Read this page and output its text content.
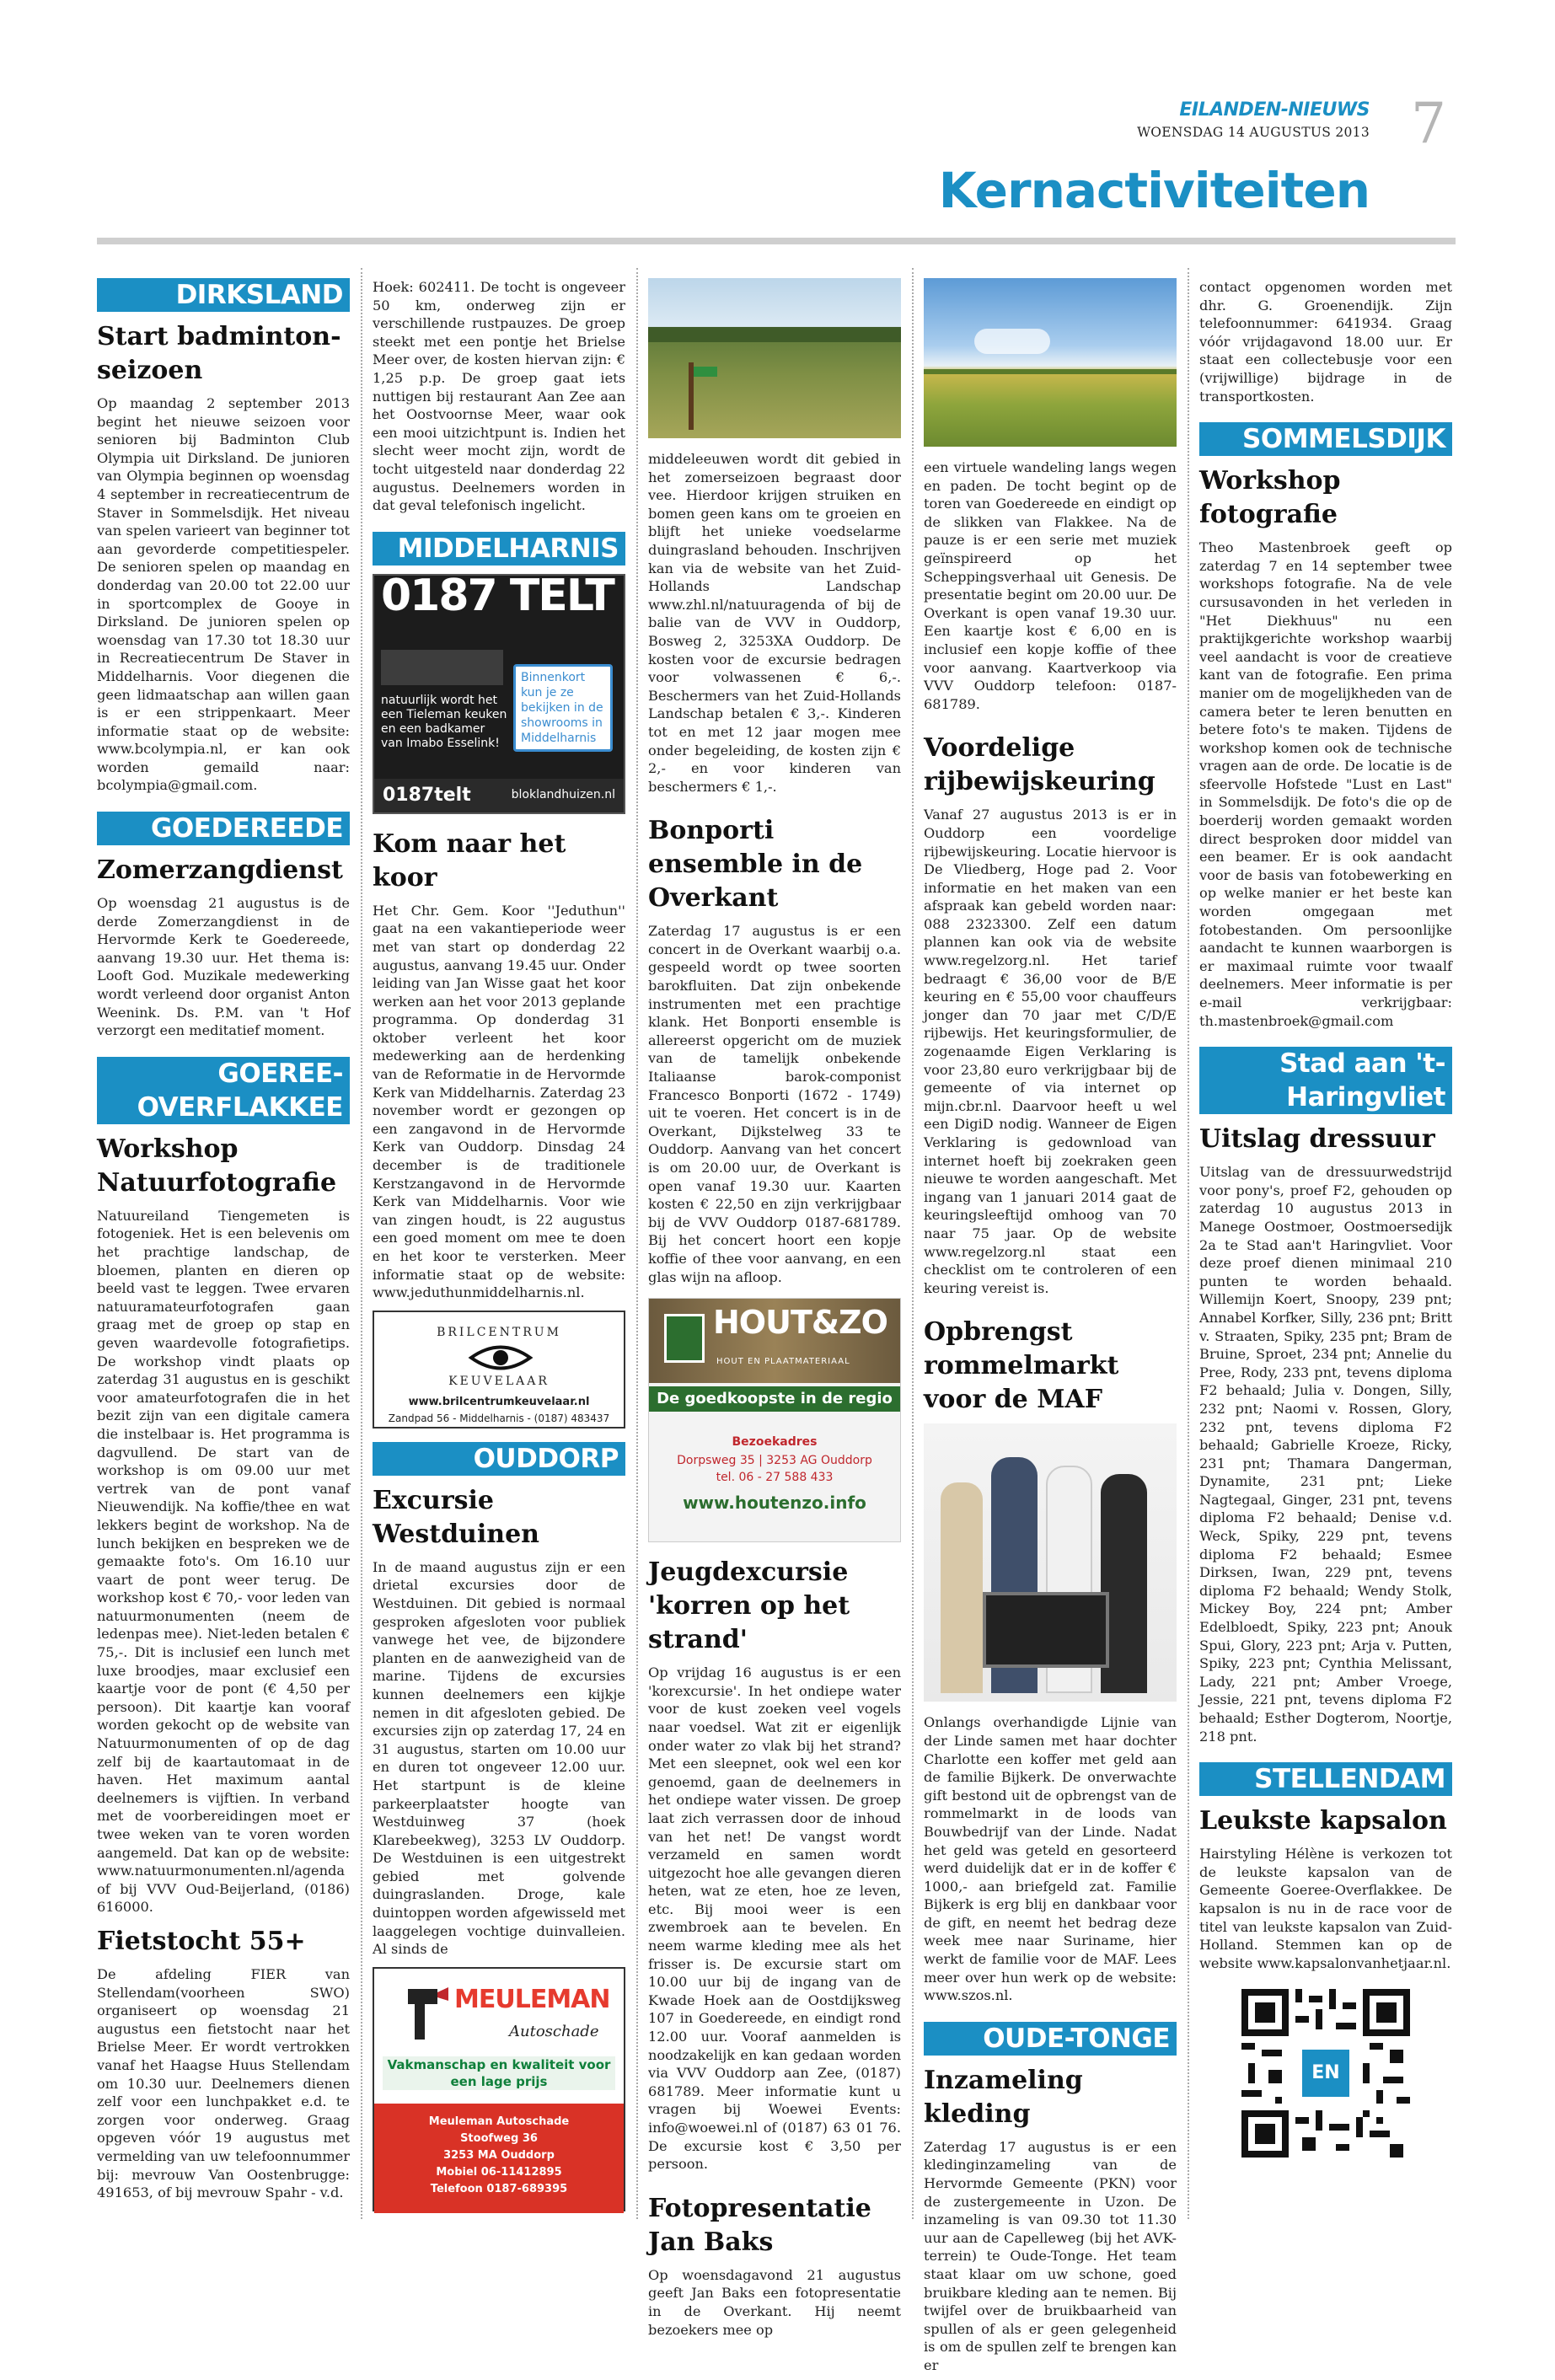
EILANDEN-NIEUWS
WOENSDAG 14 AUGUSTUS 2013 7
Kernactiviteiten
DIRKSLAND
Start badminton-seizoen
Op maandag 2 september 2013 begint het nieuwe seizoen voor senioren bij Badminton Club Olympia uit Dirksland. De junioren van Olympia beginnen op woensdag 4 september in recreatiecentrum de Staver in Sommelsdijk. Het niveau van spelen varieert van beginner tot aan gevorderde competitiespeler. De senioren spelen op maandag en donderdag van 20.00 tot 22.00 uur in sportcomplex de Gooye in Dirksland. De junioren spelen op woensdag van 17.30 tot 18.30 uur in Recreatiecentrum De Staver in Middelharnis. Voor diegenen die geen lidmaatschap aan willen gaan is er een strippenkaart. Meer informatie staat op de website: www.bcolympia.nl, er kan ook worden gemaild naar: bcolympia@gmail.com.
GOEDEREEDE
Zomerzangdienst
Op woensdag 21 augustus is de derde Zomerzangdienst in de Hervormde Kerk te Goedereede, aanvang 19.30 uur. Het thema is: Looft God. Muzikale medewerking wordt verleend door organist Anton Weenink. Ds. P.M. van 't Hof verzorgt een meditatief moment.
GOEREE-OVERFLAKKEE
Workshop Natuurfotografie
Natuureiland Tiengemeten is fotogeniek. Het is een belevenis om het prachtige landschap, de bloemen, planten en dieren op beeld vast te leggen. Twee ervaren natuuramateurfotografen gaan graag met de groep op stap en geven waardevolle fotografietips. De workshop vindt plaats op zaterdag 31 augustus en is geschikt voor amateurfotografen die in het bezit zijn van een digitale camera die instelbaar is. Het programma is dagvullend. De start van de workshop is om 09.00 uur met vertrek van de pont vanaf Nieuwendijk. Na koffie/thee en wat lekkers begint de workshop. Na de lunch bekijken en bespreken we de gemaakte foto's. Om 16.10 uur vaart de pont weer terug. De workshop kost € 70,- voor leden van natuurmonumenten (neem de ledenpas mee). Niet-leden betalen € 75,-. Dit is inclusief een lunch met luxe broodjes, maar exclusief een kaartje voor de pont (€ 4,50 per persoon). Dit kaartje kan vooraf worden gekocht op de website van Natuurmonumenten of op de dag zelf bij de kaartautomaat in de haven. Het maximum aantal deelnemers is vijftien. In verband met de voorbereidingen moet er twee weken van te voren worden aangemeld. Dat kan op de website: www.natuurmonumenten.nl/agenda of bij VVV Oud-Beijerland, (0186) 616000.
Fietstocht 55+
De afdeling FIER van Stellendam(voorheen SWO) organiseert op woensdag 21 augustus een fietstocht naar het Brielse Meer. Er wordt vertrokken vanaf het Haagse Huus Stellendam om 10.30 uur. Deelnemers dienen zelf voor een lunchpakket e.d. te zorgen voor onderweg. Graag opgeven vóór 19 augustus met vermelding van uw telefoonnummer bij: mevrouw Van Oostenbrugge: 491653, of bij mevrouw Spahr - v.d.
Hoek: 602411. De tocht is ongeveer 50 km, onderweg zijn er verschillende rustpauzes. De groep steekt met een pontje het Brielse Meer over, de kosten hiervan zijn: € 1,25 p.p. De groep gaat iets nuttigen bij restaurant Aan Zee aan het Oostvoornse Meer, waar ook een mooi uitzichtpunt is. Indien het slecht weer mocht zijn, wordt de tocht uitgesteld naar donderdag 22 augustus. Deelnemers worden in dat geval telefonisch ingelicht.
MIDDELHARNIS
0187 TELT
natuurlijk wordt het een Tieleman keuken en een badkamer van Imabo Esselink!
Binnenkort kun je ze bekijken in de showrooms in Middelharnis
0187telt	bloklandhuizen.nl
Kom naar het koor
Het Chr. Gem. Koor ''Jeduthun'' gaat na een vakantieperiode weer met van start op donderdag 22 augustus, aanvang 19.45 uur. Onder leiding van Jan Wisse gaat het koor werken aan het voor 2013 geplande programma. Op donderdag 31 oktober verleent het koor medewerking aan de herdenking van de Reformatie in de Hervormde Kerk van Middelharnis. Zaterdag 23 november wordt er gezongen op een zangavond in de Hervormde Kerk van Ouddorp. Dinsdag 24 december is de traditionele Kerstzangavond in de Hervormde Kerk van Middelharnis. Voor wie van zingen houdt, is 22 augustus een goed moment om mee te doen en het koor te versterken. Meer informatie staat op de website: www.jeduthunmiddelharnis.nl.
BRILCENTRUM
KEUVELAAR
www.brilcentrumkeuvelaar.nl
Zandpad 56 - Middelharnis - (0187) 483437
OUDDORP
Excursie Westduinen
In de maand augustus zijn er een drietal excursies door de Westduinen. Dit gebied is normaal gesproken afgesloten voor publiek vanwege het vee, de bijzondere planten en de aanwezigheid van de marine. Tijdens de excursies kunnen deelnemers een kijkje nemen in dit afgesloten gebied. De excursies zijn op zaterdag 17, 24 en 31 augustus, starten om 10.00 uur en duren tot ongeveer 12.00 uur. Het startpunt is de kleine parkeerplaatster hoogte van Westduinweg 37 (hoek Klarebeekweg), 3253 LV Ouddorp. De Westduinen is een uitgestrekt gebied met golvende duingraslanden. Droge, kale duintoppen worden afgewisseld met laaggelegen vochtige duinvalleien. Al sinds de
MEULEMAN
Autoschade
Vakmanschap en kwaliteit voor een lage prijs
Meuleman Autoschade
Stoofweg 36
3253 MA Ouddorp
Mobiel 06-11412895
Telefoon 0187-689395
middeleeuwen wordt dit gebied in het zomerseizoen begraast door vee. Hierdoor krijgen struiken en bomen geen kans om te groeien en blijft het unieke voedselarme duingrasland behouden. Inschrijven kan via de website van het Zuid-Hollands Landschap www.zhl.nl/natuuragenda of bij de balie van de VVV in Ouddorp, Bosweg 2, 3253XA Ouddorp. De kosten voor de excursie bedragen voor volwassenen € 6,-. Beschermers van het Zuid-Hollands Landschap betalen € 3,-. Kinderen tot en met 12 jaar mogen mee onder begeleiding, de kosten zijn € 2,- en voor kinderen van beschermers € 1,-.
Bonporti ensemble in de Overkant
Zaterdag 17 augustus is er een concert in de Overkant waarbij o.a. gespeeld wordt op twee soorten barokfluiten. Dat zijn onbekende instrumenten met een prachtige klank. Het Bonporti ensemble is allereerst opgericht om de muziek van de tamelijk onbekende Italiaanse barok-componist Francesco Bonporti (1672 - 1749) uit te voeren. Het concert is in de Overkant, Dijkstelweg 33 te Ouddorp. Aanvang van het concert is om 20.00 uur, de Overkant is open vanaf 19.30 uur. Kaarten kosten € 22,50 en zijn verkrijgbaar bij de VVV Ouddorp 0187-681789. Bij het concert hoort een kopje koffie of thee voor aanvang, en een glas wijn na afloop.
HOUT&ZO
HOUT EN PLAATMATERIAAL
De goedkoopste in de regio
Bezoekadres
Dorpsweg 35 | 3253 AG Ouddorp
tel. 06 - 27 588 433
www.houtenzo.info
Jeugdexcursie 'korren op het strand'
Op vrijdag 16 augustus is er een 'korexcursie'. In het ondiepe water voor de kust zoeken veel vogels naar voedsel. Wat zit er eigenlijk onder water zo vlak bij het strand? Met een sleepnet, ook wel een kor genoemd, gaan de deelnemers in het ondiepe water vissen. De groep laat zich verrassen door de inhoud van het net! De vangst wordt verzameld en samen wordt uitgezocht hoe alle gevangen dieren heten, wat ze eten, hoe ze leven, etc. Bij mooi weer is een zwembroek aan te bevelen. En neem warme kleding mee als het frisser is. De excursie start om 10.00 uur bij de ingang van de Kwade Hoek aan de Oostdijksweg 107 in Goedereede, en eindigt rond 12.00 uur. Vooraf aanmelden is noodzakelijk en kan gedaan worden via VVV Ouddorp aan Zee, (0187) 681789. Meer informatie kunt u vragen bij Woewei Events: info@woewei.nl of (0187) 63 01 76. De excursie kost € 3,50 per persoon.
Fotopresentatie Jan Baks
Op woensdagavond 21 augustus geeft Jan Baks een fotopresentatie in de Overkant. Hij neemt bezoekers mee op
een virtuele wandeling langs wegen en paden. De tocht begint op de toren van Goedereede en eindigt op de slikken van Flakkee. Na de pauze is er een serie met muziek geïnspireerd op het Scheppingsverhaal uit Genesis. De presentatie begint om 20.00 uur. De Overkant is open vanaf 19.30 uur. Een kaartje kost € 6,00 en is inclusief een kopje koffie of thee voor aanvang. Kaartverkoop via VVV Ouddorp telefoon: 0187-681789.
Voordelige rijbewijskeuring
Vanaf 27 augustus 2013 is er in Ouddorp een voordelige rijbewijskeuring. Locatie hiervoor is De Vliedberg, Hoge pad 2. Voor informatie en het maken van een afspraak kan gebeld worden naar: 088 2323300. Zelf een datum plannen kan ook via de website www.regelzorg.nl. Het tarief bedraagt € 36,00 voor de B/E keuring en € 55,00 voor chauffeurs jonger dan 70 jaar met C/D/E rijbewijs. Het keuringsformulier, de zogenaamde Eigen Verklaring is voor 23,80 euro verkrijgbaar bij de gemeente of via internet op mijn.cbr.nl. Daarvoor heeft u wel een DigiD nodig. Wanneer de Eigen Verklaring is gedownload van internet hoeft bij zoekraken geen nieuwe te worden aangeschaft. Met ingang van 1 januari 2014 gaat de keuringsleeftijd omhoog van 70 naar 75 jaar. Op de website www.regelzorg.nl staat een checklist om te controleren of een keuring vereist is.
Opbrengst rommelmarkt voor de MAF
Onlangs overhandigde Lijnie van der Linde samen met haar dochter Charlotte een koffer met geld aan de familie Bijkerk. De onverwachte gift bestond uit de opbrengst van de rommelmarkt in de loods van Bouwbedrijf van der Linde. Nadat het geld was geteld en gesorteerd werd duidelijk dat er in de koffer € 1000,- aan briefgeld zat. Familie Bijkerk is erg blij en dankbaar voor de gift, en neemt het bedrag deze week mee naar Suriname, hier werkt de familie voor de MAF. Lees meer over hun werk op de website: www.szos.nl.
OUDE-TONGE
Inzameling kleding
Zaterdag 17 augustus is er een kledinginzameling van de Hervormde Gemeente (PKN) voor de zustergemeente in Uzon. De inzameling is van 09.30 tot 11.30 uur aan de Capelleweg (bij het AVK-terrein) te Oude-Tonge. Het team staat klaar om uw schone, goed bruikbare kleding aan te nemen. Bij twijfel over de bruikbaarheid van spullen of als er geen gelegenheid is om de spullen zelf te brengen kan er
contact opgenomen worden met dhr. G. Groenendijk. Zijn telefoonnummer: 641934. Graag vóór vrijdagavond 18.00 uur. Er staat een collectebusje voor een (vrijwillige) bijdrage in de transportkosten.
SOMMELSDIJK
Workshop fotografie
Theo Mastenbroek geeft op zaterdag 7 en 14 september twee workshops fotografie. Na de vele cursusavonden in het verleden in "Het Diekhuus" nu een praktijkgerichte workshop waarbij veel aandacht is voor de creatieve kant van de fotografie. Een prima manier om de mogelijkheden van de camera beter te leren benutten en betere foto's te maken. Tijdens de workshop komen ook de technische vragen aan de orde. De locatie is de sfeervolle Hofstede "Lust en Last" in Sommelsdijk. De foto's die op de boerderij worden gemaakt worden direct besproken door middel van een beamer. Er is ook aandacht voor de basis van fotobewerking en op welke manier er het beste kan worden omgegaan met fotobestanden. Om persoonlijke aandacht te kunnen waarborgen is er maximaal ruimte voor twaalf deelnemers. Meer informatie is per e-mail verkrijgbaar: th.mastenbroek@gmail.com
Stad aan 't-Haringvliet
Uitslag dressuur
Uitslag van de dressuurwedstrijd voor pony's, proef F2, gehouden op zaterdag 10 augustus 2013 in Manege Oostmoer, Oostmoersedijk 2a te Stad aan't Haringvliet. Voor deze proef dienen minimaal 210 punten te worden behaald. Willemijn Koert, Snoopy, 239 pnt; Annabel Korfker, Silly, 236 pnt; Britt v. Straaten, Spiky, 235 pnt; Bram de Bruine, Sproet, 234 pnt; Annelie du Pree, Rody, 233 pnt, tevens diploma F2 behaald; Julia v. Dongen, Silly, 232 pnt; Naomi v. Rossen, Glory, 232 pnt, tevens diploma F2 behaald; Gabrielle Kroeze, Ricky, 231 pnt; Thamara Dangerman, Dynamite, 231 pnt; Lieke Nagtegaal, Ginger, 231 pnt, tevens diploma F2 behaald; Denise v.d. Weck, Spiky, 229 pnt, tevens diploma F2 behaald; Esmee Dirksen, Iwan, 229 pnt, tevens diploma F2 behaald; Wendy Stolk, Mickey Boy, 224 pnt; Amber Edelbloedt, Spiky, 223 pnt; Anouk Spui, Glory, 223 pnt; Arja v. Putten, Spiky, 223 pnt; Cynthia Melissant, Lady, 221 pnt; Amber Vroege, Jessie, 221 pnt, tevens diploma F2 behaald; Esther Dogterom, Noortje, 218 pnt.
STELLENDAM
Leukste kapsalon
Hairstyling Hélène is verkozen tot de leukste kapsalon van de Gemeente Goeree-Overflakkee. De kapsalon is nu in de race voor de titel van leukste kapsalon van Zuid-Holland. Stemmen kan op de website www.kapsalonvanhetjaar.nl.
EN
